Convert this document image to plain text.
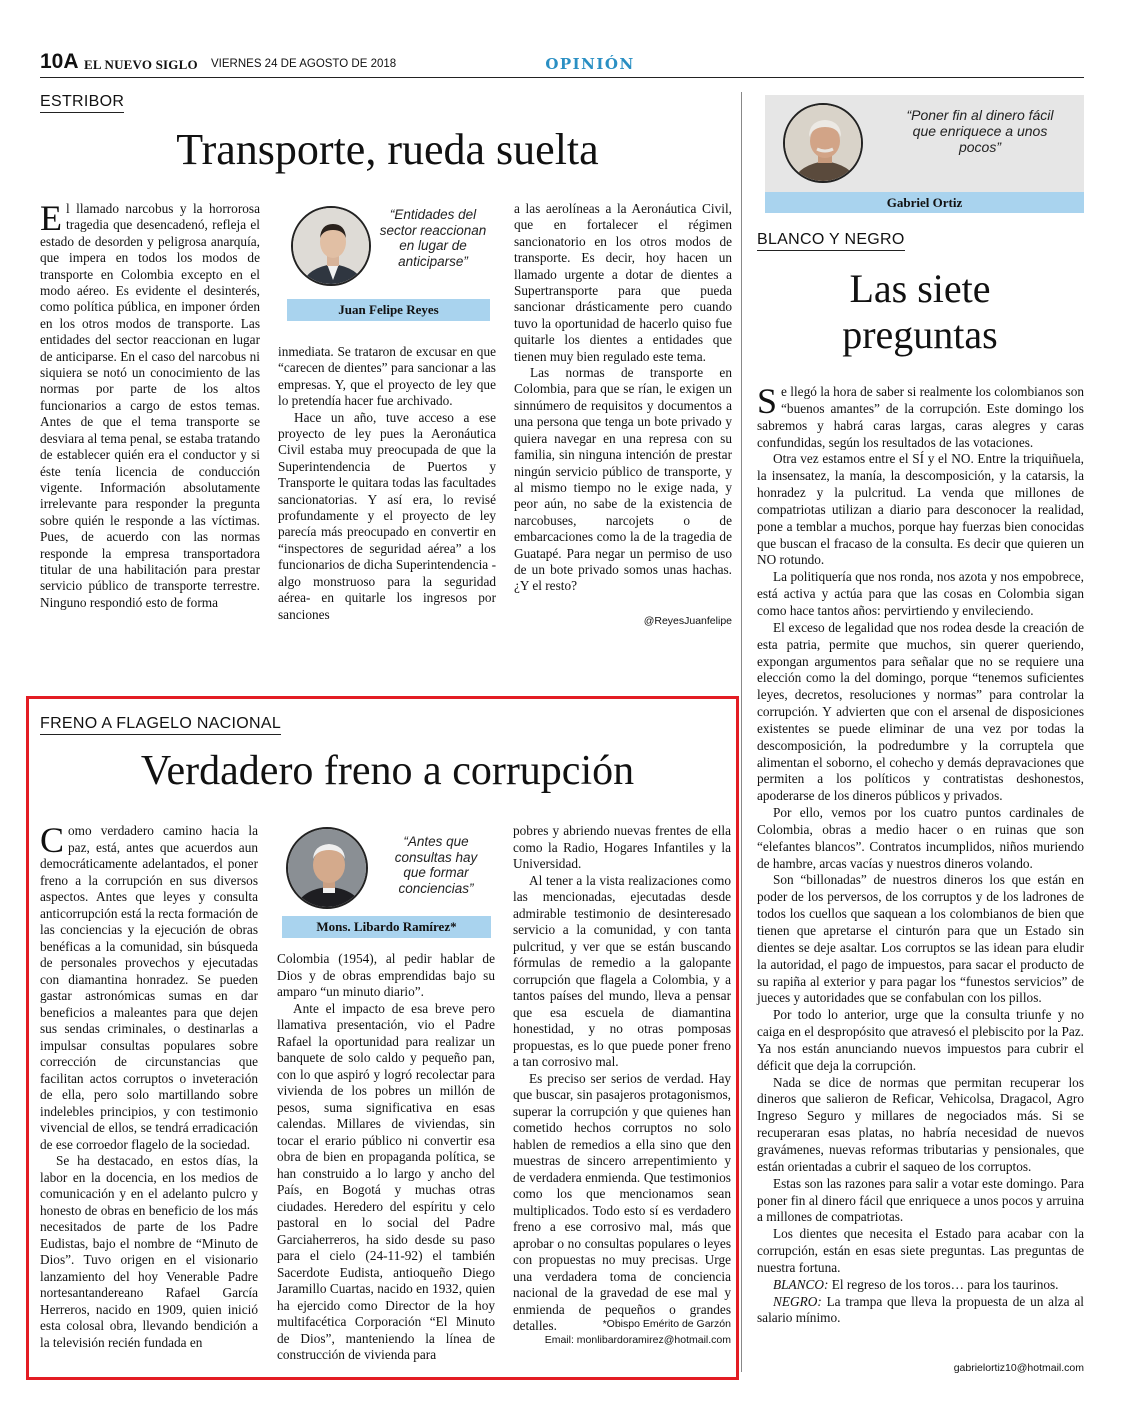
10A EL NUEVO SIGLO VIERNES 24 DE AGOSTO DE 2018	OPINIÓN
ESTRIBOR
Transporte, rueda suelta

El llamado narcobus y la horrorosa tragedia que desencadenó, refleja el estado de desorden y peligrosa anarquía, que impera en todos los modos de transporte en Colombia excepto en el modo aéreo. Es evidente el desinterés, como política pública, en imponer órden en los otros modos de transporte. Las entidades del sector reaccionan en lugar de anticiparse. En el caso del narcobus ni siquiera se notó un conocimiento de las normas por parte de los altos funcionarios a cargo de estos temas. Antes de que el tema transporte se desviara al tema penal, se estaba tratando de establecer quién era el conductor y si éste tenía licencia de conducción vigente. Información absolutamente irrelevante para responder la pregunta sobre quién le responde a las víctimas. Pues, de acuerdo con las normas responde la empresa transportadora titular de una habilitación para prestar servicio público de transporte terrestre. Ninguno respondió esto de forma

“Entidades del sector reaccionan en lugar de anticiparse”
Juan Felipe Reyes

inmediata. Se trataron de excusar en que “carecen de dientes” para sancionar a las empresas. Y, que el proyecto de ley que lo pretendía hacer fue archivado.

Hace un año, tuve acceso a ese proyecto de ley pues la Aeronáutica Civil estaba muy preocupada de que la Superintendencia de Puertos y Transporte le quitara todas las facultades sancionatorias. Y así era, lo revisé profundamente y el proyecto de ley parecía más preocupado en convertir en “inspectores de seguridad aérea” a los funcionarios de dicha Superintendencia -algo monstruoso para la seguridad aérea- en quitarle los ingresos por sanciones

a las aerolíneas a la Aeronáutica Civil, que en fortalecer el régimen sancionatorio en los otros modos de transporte. Es decir, hoy hacen un llamado urgente a dotar de dientes a Supertransporte para que pueda sancionar drásticamente pero cuando tuvo la oportunidad de hacerlo quiso fue quitarle los dientes a entidades que tienen muy bien regulado este tema.

Las normas de transporte en Colombia, para que se rían, le exigen un sinnúmero de requisitos y documentos a una persona que tenga un bote privado y quiera navegar en una represa con su familia, sin ninguna intención de prestar ningún servicio público de transporte, y al mismo tiempo no le exige nada, y peor aún, no sabe de la existencia de narcobuses, narcojets o de embarcaciones como la de la tragedia de Guatapé. Para negar un permiso de uso de un bote privado somos unas hachas. ¿Y el resto?

@ReyesJuanfelipe
“Poner fin al dinero fácil que enriquece a unos pocos”
Gabriel Ortiz
BLANCO Y NEGRO
Las siete preguntas

Se llegó la hora de saber si realmente los colombianos son “buenos amantes” de la corrupción. Este domingo los sabremos y habrá caras largas, caras alegres y caras confundidas, según los resultados de las votaciones.

Otra vez estamos entre el SÍ y el NO. Entre la triquiñuela, la insensatez, la manía, la descomposición, y la catarsis, la honradez y la pulcritud. La venda que millones de compatriotas utilizan a diario para desconocer la realidad, pone a temblar a muchos, porque hay fuerzas bien conocidas que buscan el fracaso de la consulta. Es decir que quieren un NO rotundo.

La politiquería que nos ronda, nos azota y nos empobrece, está activa y actúa para que las cosas en Colombia sigan como hace tantos años: pervirtiendo y envileciendo.

El exceso de legalidad que nos rodea desde la creación de esta patria, permite que muchos, sin querer queriendo, expongan argumentos para señalar que no se requiere una elección como la del domingo, porque “tenemos suficientes leyes, decretos, resoluciones y normas” para controlar la corrupción. Y advierten que con el arsenal de disposiciones existentes se puede eliminar de una vez por todas la descomposición, la podredumbre y la corruptela que alimentan el soborno, el cohecho y demás depravaciones que permiten a los políticos y contratistas deshonestos, apoderarse de los dineros públicos y privados.

Por ello, vemos por los cuatro puntos cardinales de Colombia, obras a medio hacer o en ruinas que son “elefantes blancos”. Contratos incumplidos, niños muriendo de hambre, arcas vacías y nuestros dineros volando.

Son “billonadas” de nuestros dineros los que están en poder de los perversos, de los corruptos y de los ladrones de todos los cuellos que saquean a los colombianos de bien que tienen que apretarse el cinturón para que un Estado sin dientes se deje asaltar. Los corruptos se las idean para eludir la autoridad, el pago de impuestos, para sacar el producto de su rapiña al exterior y para pagar los “funestos servicios” de jueces y autoridades que se confabulan con los pillos.

Por todo lo anterior, urge que la consulta triunfe y no caiga en el despropósito que atravesó el plebiscito por la Paz. Ya nos están anunciando nuevos impuestos para cubrir el déficit que deja la corrupción.

Nada se dice de normas que permitan recuperar los dineros que salieron de Reficar, Vehicolsa, Dragacol, Agro Ingreso Seguro y millares de negociados más. Si se recuperaran esas platas, no habría necesidad de nuevos gravámenes, nuevas reformas tributarias y pensionales, que están orientadas a cubrir el saqueo de los corruptos.

Estas son las razones para salir a votar este domingo. Para poner fin al dinero fácil que enriquece a unos pocos y arruina a millones de compatriotas.

Los dientes que necesita el Estado para acabar con la corrupción, están en esas siete preguntas. Las preguntas de nuestra fortuna.

BLANCO: El regreso de los toros… para los taurinos.

NEGRO: La trampa que lleva la propuesta de un alza al salario mínimo.

gabrielortiz10@hotmail.com
FRENO A FLAGELO NACIONAL
Verdadero freno a corrupción

Como verdadero camino hacia la paz, está, antes que acuerdos aun democráticamente adelantados, el poner freno a la corrupción en sus diversos aspectos. Antes que leyes y consulta anticorrupción está la recta formación de las conciencias y la ejecución de obras benéficas a la comunidad, sin búsqueda de personales provechos y ejecutadas con diamantina honradez. Se pueden gastar astronómicas sumas en dar beneficios a maleantes para que dejen sus sendas criminales, o destinarlas a impulsar consultas populares sobre corrección de circunstancias que facilitan actos corruptos o inveteración de ella, pero solo martillando sobre indelebles principios, y con testimonio vivencial de ellos, se tendrá erradicación de ese corroedor flagelo de la sociedad.

Se ha destacado, en estos días, la labor en la docencia, en los medios de comunicación y en el adelanto pulcro y honesto de obras en beneficio de los más necesitados de parte de los Padre Eudistas, bajo el nombre de “Minuto de Dios”. Tuvo origen en el visionario lanzamiento del hoy Venerable Padre nortesantandereano Rafael García Herreros, nacido en 1909, quien inició esta colosal obra, llevando bendición a la televisión recién fundada en

“Antes que consultas hay que formar conciencias”
Mons. Libardo Ramírez*

Colombia (1954), al pedir hablar de Dios y de obras emprendidas bajo su amparo “un minuto diario”.

Ante el impacto de esa breve pero llamativa presentación, vio el Padre Rafael la oportunidad para realizar un banquete de solo caldo y pequeño pan, con lo que aspiró y logró recolectar para vivienda de los pobres un millón de pesos, suma significativa en esas calendas. Millares de viviendas, sin tocar el erario público ni convertir esa obra de bien en propaganda política, se han construido a lo largo y ancho del País, en Bogotá y muchas otras ciudades. Heredero del espíritu y celo pastoral en lo social del Padre Garciaherreros, ha sido desde su paso para el cielo (24-11-92) el también Sacerdote Eudista, antioqueño Diego Jaramillo Cuartas, nacido en 1932, quien ha ejercido como Director de la hoy multifacética Corporación “El Minuto de Dios”, manteniendo la línea de construcción de vivienda para

pobres y abriendo nuevas frentes de ella como la Radio, Hogares Infantiles y la Universidad.

Al tener a la vista realizaciones como las mencionadas, ejecutadas desde admirable testimonio de desinteresado servicio a la comunidad, y con tanta pulcritud, y ver que se están buscando fórmulas de remedio a la galopante corrupción que flagela a Colombia, y a tantos países del mundo, lleva a pensar que esa escuela de diamantina honestidad, y no otras pomposas propuestas, es lo que puede poner freno a tan corrosivo mal.

Es preciso ser serios de verdad. Hay que buscar, sin pasajeros protagonismos, superar la corrupción y que quienes han cometido hechos corruptos no solo hablen de remedios a ella sino que den muestras de sincero arrepentimiento y de verdadera enmienda. Que testimonios como los que mencionamos sean multiplicados. Todo esto sí es verdadero freno a ese corrosivo mal, más que aprobar o no consultas populares o leyes con propuestas no muy precisas. Urge una verdadera toma de conciencia nacional de la gravedad de ese mal y enmienda de pequeños o grandes detalles.	*Obispo Emérito de Garzón
Email: monlibardoramirez@hotmail.com
